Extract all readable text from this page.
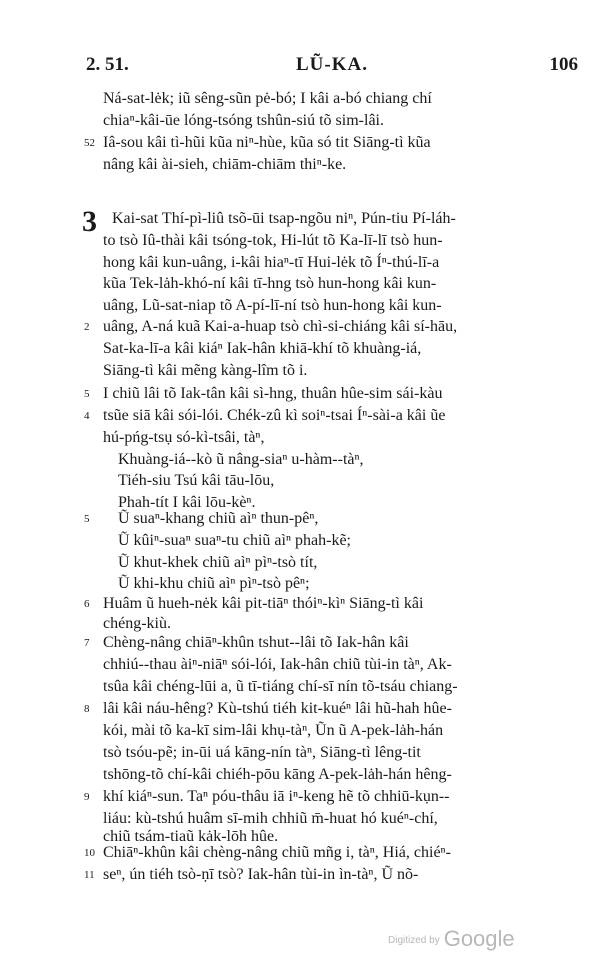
LŨ-KA.
2. 51.	106
3
52
2
5
4
5
6
7
8
9
10
11
Ná-sat-lėk; iũ sêng-sũn pė-bó; I kâi a-bó chiang chí
chiaⁿ-kâi-ūe lóng-tsóng tshûn-siú tõ sim-lâi.
Iâ-sou kâi tì-hũi kũa niⁿ-hùe, kũa só tit Siāng-tì kũa
nâng kâi ài-sieh, chiām-chiām thiⁿ-ke.
Kai-sat Thí-pì-liû tsõ-ūi tsap-ngõu niⁿ, Pún-tiu Pí-láh-
to tsò Iû-thài kâi tsóng-tok, Hi-lút tõ Ka-lī-lī tsò hun-
hong kâi kun-uâng, i-kâi hiaⁿ-tī Hui-lėk tõ Íⁿ-thú-lī-a
kũa Tek-lȧh-khó-ní kâi tī-hng tsò hun-hong kâi kun-
uâng, Lũ-sat-niap tõ A-pí-lī-ní tsò hun-hong kâi kun-
uâng, A-ná kuã Kai-a-huap tsò chì-si-chiáng kâi sí-hāu,
Sat-ka-lī-a kâi kiáⁿ Iak-hân khiā-khí tõ khuàng-iá,
Siāng-tì kâi mẽng kàng-lîm tõ i.
I chiũ lâi tõ Iak-tân kâi sì-hng, thuân hûe-sim sái-kàu
tsũe siā kâi sói-lói. Chék-zû kì soiⁿ-tsai Íⁿ-sài-a kâi ũe
hú-pńg-tsụ só-kì-tsâi, tàⁿ,
Khuàng-iá--kò ũ nâng-siaⁿ u-hàm--tàⁿ,
Tiéh-siu Tsú kâi tāu-lōu,
Phah-tít I kâi lōu-kèⁿ.
Ũ suaⁿ-khang chiũ aìⁿ thun-pêⁿ,
Ũ kûiⁿ-suaⁿ suaⁿ-tu chiũ aìⁿ phah-kẽ;
Ũ khut-khek chiũ aìⁿ pìⁿ-tsò tít,
Ũ khi-khu chiũ aìⁿ pìⁿ-tsò pêⁿ;
Huâm ũ hueh-nėk kâi pit-tiāⁿ thóiⁿ-kìⁿ Siāng-tì kâi
chéng-kiù.
Chèng-nâng chiāⁿ-khûn tshut--lâi tõ Iak-hân kâi
chhiú--thau àiⁿ-niāⁿ sói-lói, Iak-hân chiũ tùi-in tàⁿ, Ak-
tsûa kâi chéng-lūi a, ũ tī-tiáng chí-sī nín tõ-tsáu chiang-
lâi kâi náu-hêng? Kù-tshú tiéh kit-kuéⁿ lâi hũ-hah hûe-
kói, mài tõ ka-kī sim-lâi khụ-tàⁿ, Ũn ũ A-pek-lȧh-hán
tsò tsóu-pẽ; in-ūi uá kāng-nín tàⁿ, Siāng-tì lêng-tit
tshōng-tõ chí-kâi chiéh-pōu kāng A-pek-lȧh-hán hêng-
khí kiáⁿ-sun. Taⁿ póu-thâu iā iⁿ-keng hẽ tõ chhiū-kụn--
liáu: kù-tshú huâm sī-mih chhiũ m̄-huat hó kuéⁿ-chí,
chiũ tsám-tiaũ kȧk-lōh hûe.
Chiāⁿ-khûn kâi chèng-nâng chiũ mñg i, tàⁿ, Hiá, chiéⁿ-
seⁿ, ún tiéh tsò-ṇī tsò? Iak-hân tùi-in ìn-tàⁿ, Ũ nõ-
Digitized by Google
